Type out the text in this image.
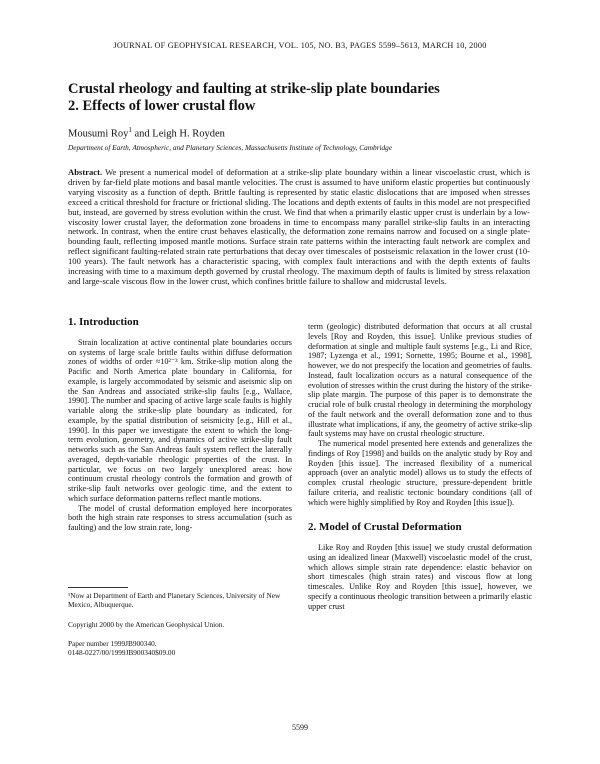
JOURNAL OF GEOPHYSICAL RESEARCH, VOL. 105, NO. B3, PAGES 5599–5613, MARCH 10, 2000
Crustal rheology and faulting at strike-slip plate boundaries
2. Effects of lower crustal flow
Mousumi Roy$^1$ and Leigh H. Royden
Department of Earth, Atmospheric, and Planetary Sciences, Massachusetts Institute of Technology, Cambridge
Abstract. We present a numerical model of deformation at a strike-slip plate boundary within a linear viscoelastic crust, which is driven by far-field plate motions and basal mantle velocities. The crust is assumed to have uniform elastic properties but continuously varying viscosity as a function of depth. Brittle faulting is represented by static elastic dislocations that are imposed when stresses exceed a critical threshold for fracture or frictional sliding. The locations and depth extents of faults in this model are not prespecified but, instead, are governed by stress evolution within the crust. We find that when a primarily elastic upper crust is underlain by a low-viscosity lower crustal layer, the deformation zone broadens in time to encompass many parallel strike-slip faults in an interacting network. In contrast, when the entire crust behaves elastically, the deformation zone remains narrow and focused on a single plate-bounding fault, reflecting imposed mantle motions. Surface strain rate patterns within the interacting fault network are complex and reflect significant faulting-related strain rate perturbations that decay over timescales of postseismic relaxation in the lower crust (10-100 years). The fault network has a characteristic spacing, with complex fault interactions and with the depth extents of faults increasing with time to a maximum depth governed by crustal rheology. The maximum depth of faults is limited by stress relaxation and large-scale viscous flow in the lower crust, which confines brittle failure to shallow and midcrustal levels.
1. Introduction

Strain localization at active continental plate boundaries occurs on systems of large scale brittle faults within diffuse deformation zones of widths of order ≈10²⁻³ km. Strike-slip motion along the Pacific and North America plate boundary in California, for example, is largely accommodated by seismic and aseismic slip on the San Andreas and associated strike-slip faults [e.g., Wallace, 1990]. The number and spacing of active large scale faults is highly variable along the strike-slip plate boundary as indicated, for example, by the spatial distribution of seismicity [e.g., Hill et al., 1990]. In this paper we investigate the extent to which the long-term evolution, geometry, and dynamics of active strike-slip fault networks such as the San Andreas fault system reflect the laterally averaged, depth-variable rheologic properties of the crust. In particular, we focus on two largely unexplored areas: how continuum crustal rheology controls the formation and growth of strike-slip fault networks over geologic time, and the extent to which surface deformation patterns reflect mantle motions.

The model of crustal deformation employed here incorporates both the high strain rate responses to stress accumulation (such as faulting) and the low strain rate, long-

¹Now at Department of Earth and Planetary Sciences, University of New Mexico, Albuquerque.

Copyright 2000 by the American Geophysical Union.

Paper number 1999JB900340.

0148-0227/00/1999JB900340$09.00

term (geologic) distributed deformation that occurs at all crustal levels [Roy and Royden, this issue]. Unlike previous studies of deformation at single and multiple fault systems [e.g., Li and Rice, 1987; Lyzenga et al., 1991; Sornette, 1995; Bourne et al., 1998], however, we do not prespecify the location and geometries of faults. Instead, fault localization occurs as a natural consequence of the evolution of stresses within the crust during the history of the strike-slip plate margin. The purpose of this paper is to demonstrate the crucial role of bulk crustal rheology in determining the morphology of the fault network and the overall deformation zone and to thus illustrate what implications, if any, the geometry of active strike-slip fault systems may have on crustal rheologic structure.

The numerical model presented here extends and generalizes the findings of Roy [1998] and builds on the analytic study by Roy and Royden [this issue]. The increased flexibility of a numerical approach (over an analytic model) allows us to study the effects of complex crustal rheologic structure, pressure-dependent brittle failure criteria, and realistic tectonic boundary conditions (all of which were highly simplified by Roy and Royden [this issue]).

2. Model of Crustal Deformation

Like Roy and Royden [this issue] we study crustal deformation using an idealized linear (Maxwell) viscoelastic model of the crust, which allows simple strain rate dependence: elastic behavior on short timescales (high strain rates) and viscous flow at long timescales. Unlike Roy and Royden [this issue], however, we specify a continuous rheologic transition between a primarily elastic upper crust

5599
